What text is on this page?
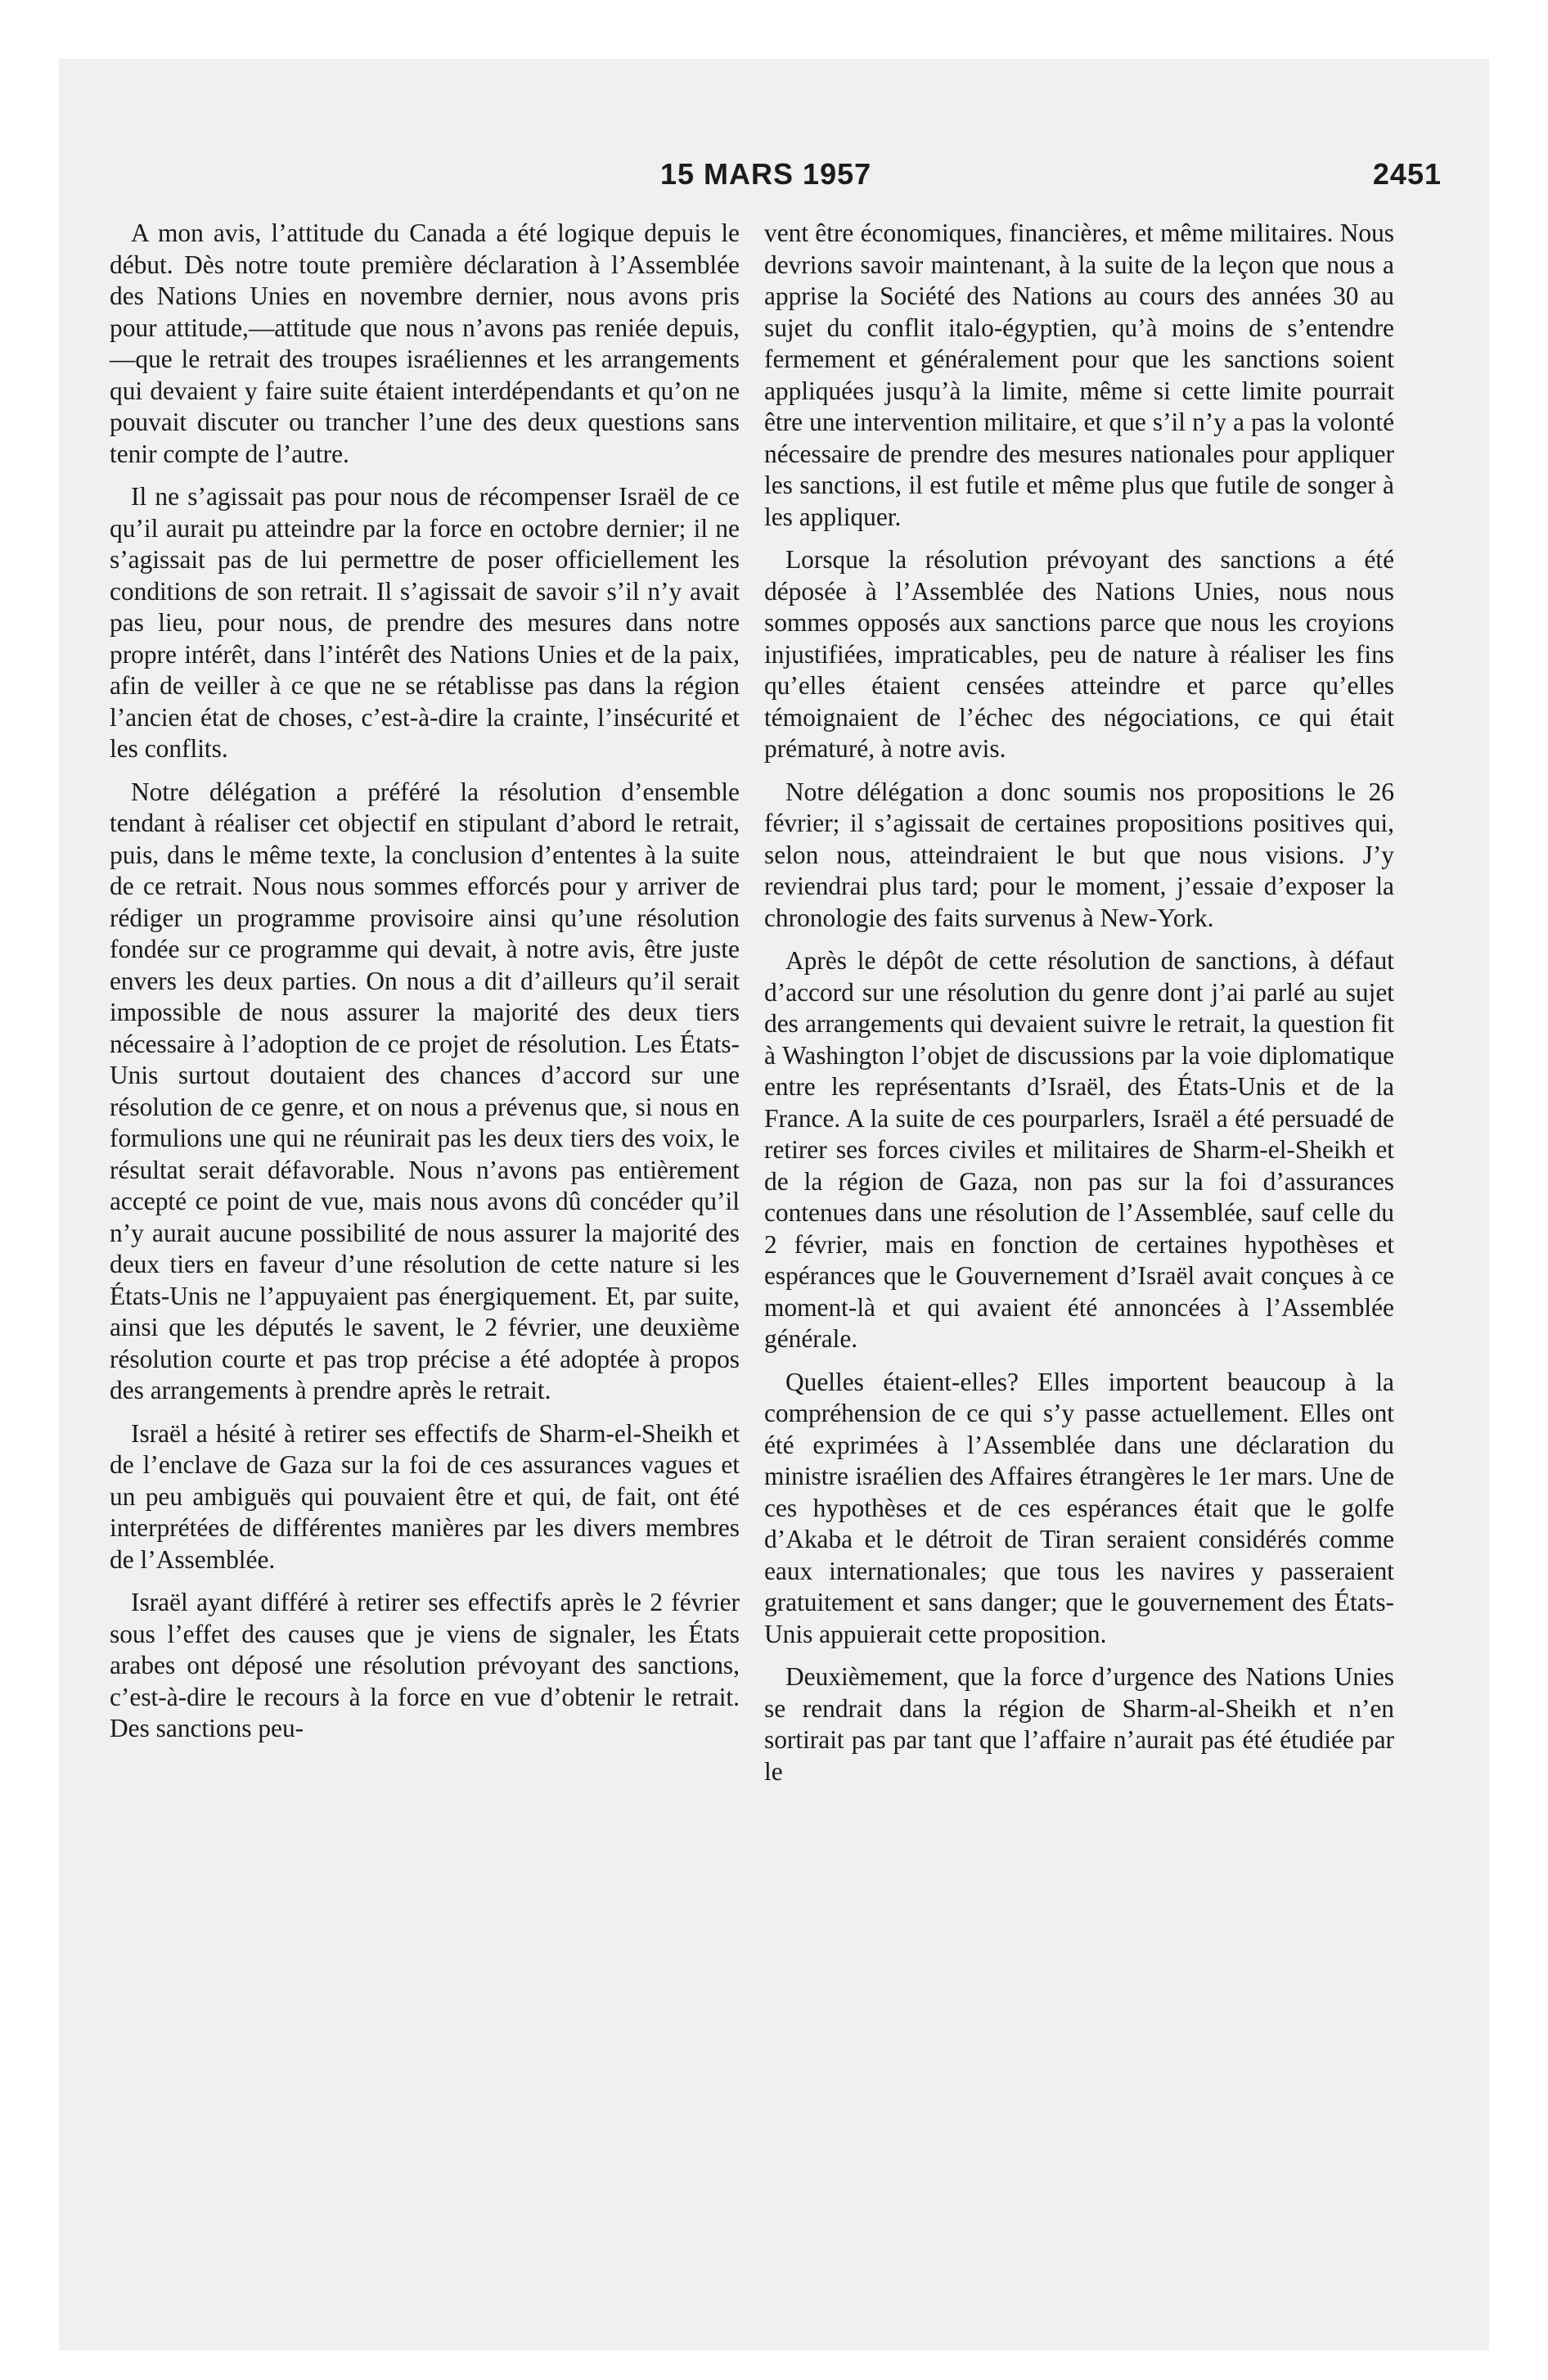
15 MARS 1957	2451

A mon avis, l’attitude du Canada a été logique depuis le début. Dès notre toute première déclaration à l’Assemblée des Nations Unies en novembre dernier, nous avons pris pour attitude,—attitude que nous n’avons pas reniée depuis,—que le retrait des troupes israéliennes et les arrangements qui devaient y faire suite étaient interdépendants et qu’on ne pouvait discuter ou trancher l’une des deux questions sans tenir compte de l’autre.

Il ne s’agissait pas pour nous de récompenser Israël de ce qu’il aurait pu atteindre par la force en octobre dernier; il ne s’agissait pas de lui permettre de poser officiellement les conditions de son retrait. Il s’agissait de savoir s’il n’y avait pas lieu, pour nous, de prendre des mesures dans notre propre intérêt, dans l’intérêt des Nations Unies et de la paix, afin de veiller à ce que ne se rétablisse pas dans la région l’ancien état de choses, c’est-à-dire la crainte, l’insécurité et les conflits.

Notre délégation a préféré la résolution d’ensemble tendant à réaliser cet objectif en stipulant d’abord le retrait, puis, dans le même texte, la conclusion d’ententes à la suite de ce retrait. Nous nous sommes efforcés pour y arriver de rédiger un programme provisoire ainsi qu’une résolution fondée sur ce programme qui devait, à notre avis, être juste envers les deux parties. On nous a dit d’ailleurs qu’il serait impossible de nous assurer la majorité des deux tiers nécessaire à l’adoption de ce projet de résolution. Les États-Unis surtout doutaient des chances d’accord sur une résolution de ce genre, et on nous a prévenus que, si nous en formulions une qui ne réunirait pas les deux tiers des voix, le résultat serait défavorable. Nous n’avons pas entièrement accepté ce point de vue, mais nous avons dû concéder qu’il n’y aurait aucune possibilité de nous assurer la majorité des deux tiers en faveur d’une résolution de cette nature si les États-Unis ne l’appuyaient pas énergiquement. Et, par suite, ainsi que les députés le savent, le 2 février, une deuxième résolution courte et pas trop précise a été adoptée à propos des arrangements à prendre après le retrait.

Israël a hésité à retirer ses effectifs de Sharm-el-Sheikh et de l’enclave de Gaza sur la foi de ces assurances vagues et un peu ambiguës qui pouvaient être et qui, de fait, ont été interprétées de différentes manières par les divers membres de l’Assemblée.

Israël ayant différé à retirer ses effectifs après le 2 février sous l’effet des causes que je viens de signaler, les États arabes ont déposé une résolution prévoyant des sanctions, c’est-à-dire le recours à la force en vue d’obtenir le retrait. Des sanctions peu-

vent être économiques, financières, et même militaires. Nous devrions savoir maintenant, à la suite de la leçon que nous a apprise la Société des Nations au cours des années 30 au sujet du conflit italo-égyptien, qu’à moins de s’entendre fermement et généralement pour que les sanctions soient appliquées jusqu’à la limite, même si cette limite pourrait être une intervention militaire, et que s’il n’y a pas la volonté nécessaire de prendre des mesures nationales pour appliquer les sanctions, il est futile et même plus que futile de songer à les appliquer.

Lorsque la résolution prévoyant des sanctions a été déposée à l’Assemblée des Nations Unies, nous nous sommes opposés aux sanctions parce que nous les croyions injustifiées, impraticables, peu de nature à réaliser les fins qu’elles étaient censées atteindre et parce qu’elles témoignaient de l’échec des négociations, ce qui était prématuré, à notre avis.

Notre délégation a donc soumis nos propositions le 26 février; il s’agissait de certaines propositions positives qui, selon nous, atteindraient le but que nous visions. J’y reviendrai plus tard; pour le moment, j’essaie d’exposer la chronologie des faits survenus à New-York.

Après le dépôt de cette résolution de sanctions, à défaut d’accord sur une résolution du genre dont j’ai parlé au sujet des arrangements qui devaient suivre le retrait, la question fit à Washington l’objet de discussions par la voie diplomatique entre les représentants d’Israël, des États-Unis et de la France. A la suite de ces pourparlers, Israël a été persuadé de retirer ses forces civiles et militaires de Sharm-el-Sheikh et de la région de Gaza, non pas sur la foi d’assurances contenues dans une résolution de l’Assemblée, sauf celle du 2 février, mais en fonction de certaines hypothèses et espérances que le Gouvernement d’Israël avait conçues à ce moment-là et qui avaient été annoncées à l’Assemblée générale.

Quelles étaient-elles? Elles importent beaucoup à la compréhension de ce qui s’y passe actuellement. Elles ont été exprimées à l’Assemblée dans une déclaration du ministre israélien des Affaires étrangères le 1er mars. Une de ces hypothèses et de ces espérances était que le golfe d’Akaba et le détroit de Tiran seraient considérés comme eaux internationales; que tous les navires y passeraient gratuitement et sans danger; que le gouvernement des États-Unis appuierait cette proposition.

Deuxièmement, que la force d’urgence des Nations Unies se rendrait dans la région de Sharm-al-Sheikh et n’en sortirait pas par tant que l’affaire n’aurait pas été étudiée par le
